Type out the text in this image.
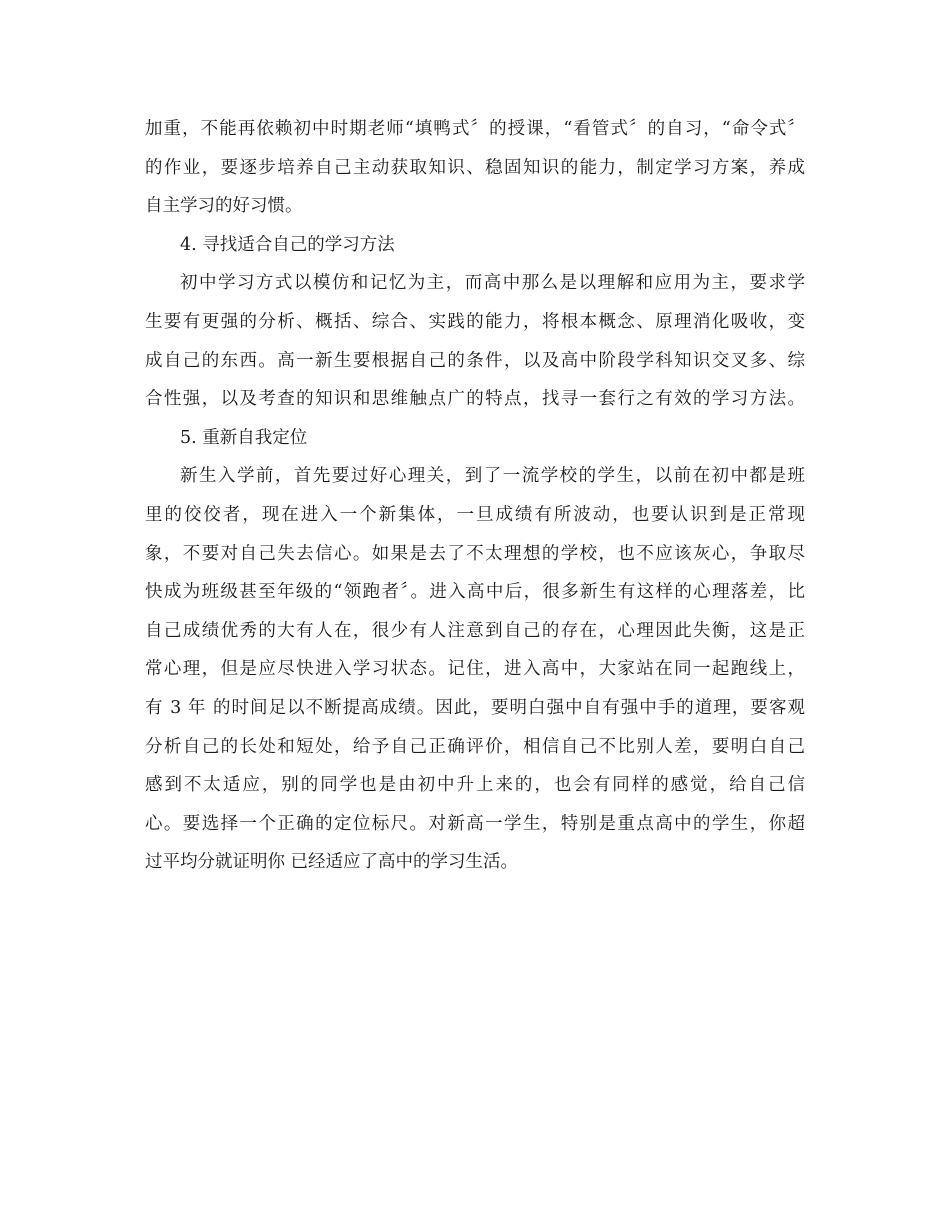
加重，不能再依赖初中时期老师“填鸭式〞的授课，“看管式〞的自习，“命令式〞
的作业，要逐步培养自己主动获取知识、稳固知识的能力，制定学习方案，养成
自主学习的好习惯。
4. 寻找适合自己的学习方法
初中学习方式以模仿和记忆为主，而高中那么是以理解和应用为主，要求学
生要有更强的分析、概括、综合、实践的能力，将根本概念、原理消化吸收，变
成自己的东西。高一新生要根据自己的条件，以及高中阶段学科知识交叉多、综
合性强，以及考查的知识和思维触点广的特点，找寻一套行之有效的学习方法。
5. 重新自我定位
新生入学前，首先要过好心理关，到了一流学校的学生，以前在初中都是班
里的佼佼者，现在进入一个新集体，一旦成绩有所波动，也要认识到是正常现
象，不要对自己失去信心。如果是去了不太理想的学校，也不应该灰心，争取尽
快成为班级甚至年级的“领跑者〞。进入高中后，很多新生有这样的心理落差，比
自己成绩优秀的大有人在，很少有人注意到自己的存在，心理因此失衡，这是正
常心理，但是应尽快进入学习状态。记住，进入高中，大家站在同一起跑线上，
有 3 年 的时间足以不断提高成绩。因此，要明白强中自有强中手的道理，要客观
分析自己的长处和短处，给予自己正确评价，相信自己不比别人差，要明白自己
感到不太适应，别的同学也是由初中升上来的，也会有同样的感觉，给自己信
心。要选择一个正确的定位标尺。对新高一学生，特别是重点高中的学生，你超
过平均分就证明你 已经适应了高中的学习生活。
